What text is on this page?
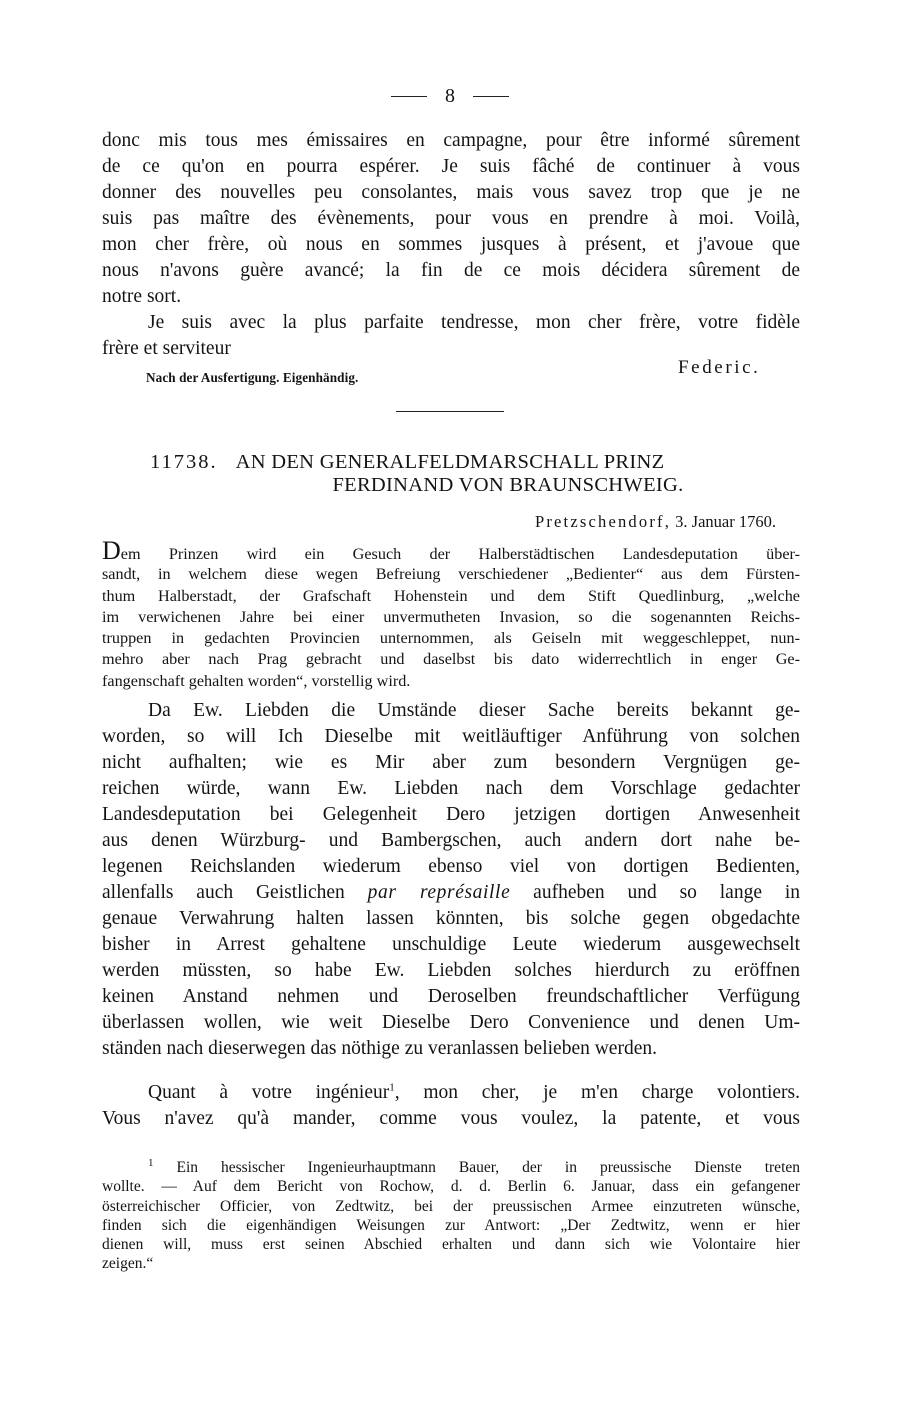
8
donc mis tous mes émissaires en campagne, pour être informé sûrement
de ce qu'on en pourra espérer. Je suis fâché de continuer à vous
donner des nouvelles peu consolantes, mais vous savez trop que je ne
suis pas maître des évènements, pour vous en prendre à moi. Voilà,
mon cher frère, où nous en sommes jusques à présent, et j'avoue que
nous n'avons guère avancé; la fin de ce mois décidera sûrement de
notre sort.
Je suis avec la plus parfaite tendresse, mon cher frère, votre fidèle
frère et serviteur
Nach der Ausfertigung. Eigenhändig.	Federic.
11738. AN DEN GENERALFELDMARSCHALL PRINZ
FERDINAND VON BRAUNSCHWEIG.
Pretzschendorf, 3. Januar 1760.
Dem Prinzen wird ein Gesuch der Halberstädtischen Landesdeputation über-
sandt, in welchem diese wegen Befreiung verschiedener „Bedienter“ aus dem Fürsten-
thum Halberstadt, der Grafschaft Hohenstein und dem Stift Quedlinburg, „welche
im verwichenen Jahre bei einer unvermutheten Invasion, so die sogenannten Reichs-
truppen in gedachten Provincien unternommen, als Geiseln mit weggeschleppet, nun-
mehro aber nach Prag gebracht und daselbst bis dato widerrechtlich in enger Ge-
fangenschaft gehalten worden“, vorstellig wird.
Da Ew. Liebden die Umstände dieser Sache bereits bekannt ge-
worden, so will Ich Dieselbe mit weitläuftiger Anführung von solchen
nicht aufhalten; wie es Mir aber zum besondern Vergnügen ge-
reichen würde, wann Ew. Liebden nach dem Vorschlage gedachter
Landesdeputation bei Gelegenheit Dero jetzigen dortigen Anwesenheit
aus denen Würzburg- und Bambergschen, auch andern dort nahe be-
legenen Reichslanden wiederum ebenso viel von dortigen Bedienten,
allenfalls auch Geistlichen par représaille aufheben und so lange in
genaue Verwahrung halten lassen könnten, bis solche gegen obgedachte
bisher in Arrest gehaltene unschuldige Leute wiederum ausgewechselt
werden müssten, so habe Ew. Liebden solches hierdurch zu eröffnen
keinen Anstand nehmen und Deroselben freundschaftlicher Verfügung
überlassen wollen, wie weit Dieselbe Dero Convenience und denen Um-
ständen nach dieserwegen das nöthige zu veranlassen belieben werden.
Quant à votre ingénieur$^1$, mon cher, je m'en charge volontiers.
Vous n'avez qu'à mander, comme vous voulez, la patente, et vous
$^1$ Ein hessischer Ingenieurhauptmann Bauer, der in preussische Dienste treten
wollte. — Auf dem Bericht von Rochow, d. d. Berlin 6. Januar, dass ein gefangener
österreichischer Officier, von Zedtwitz, bei der preussischen Armee einzutreten wünsche,
finden sich die eigenhändigen Weisungen zur Antwort: „Der Zedtwitz, wenn er hier
dienen will, muss erst seinen Abschied erhalten und dann sich wie Volontaire hier
zeigen.“
